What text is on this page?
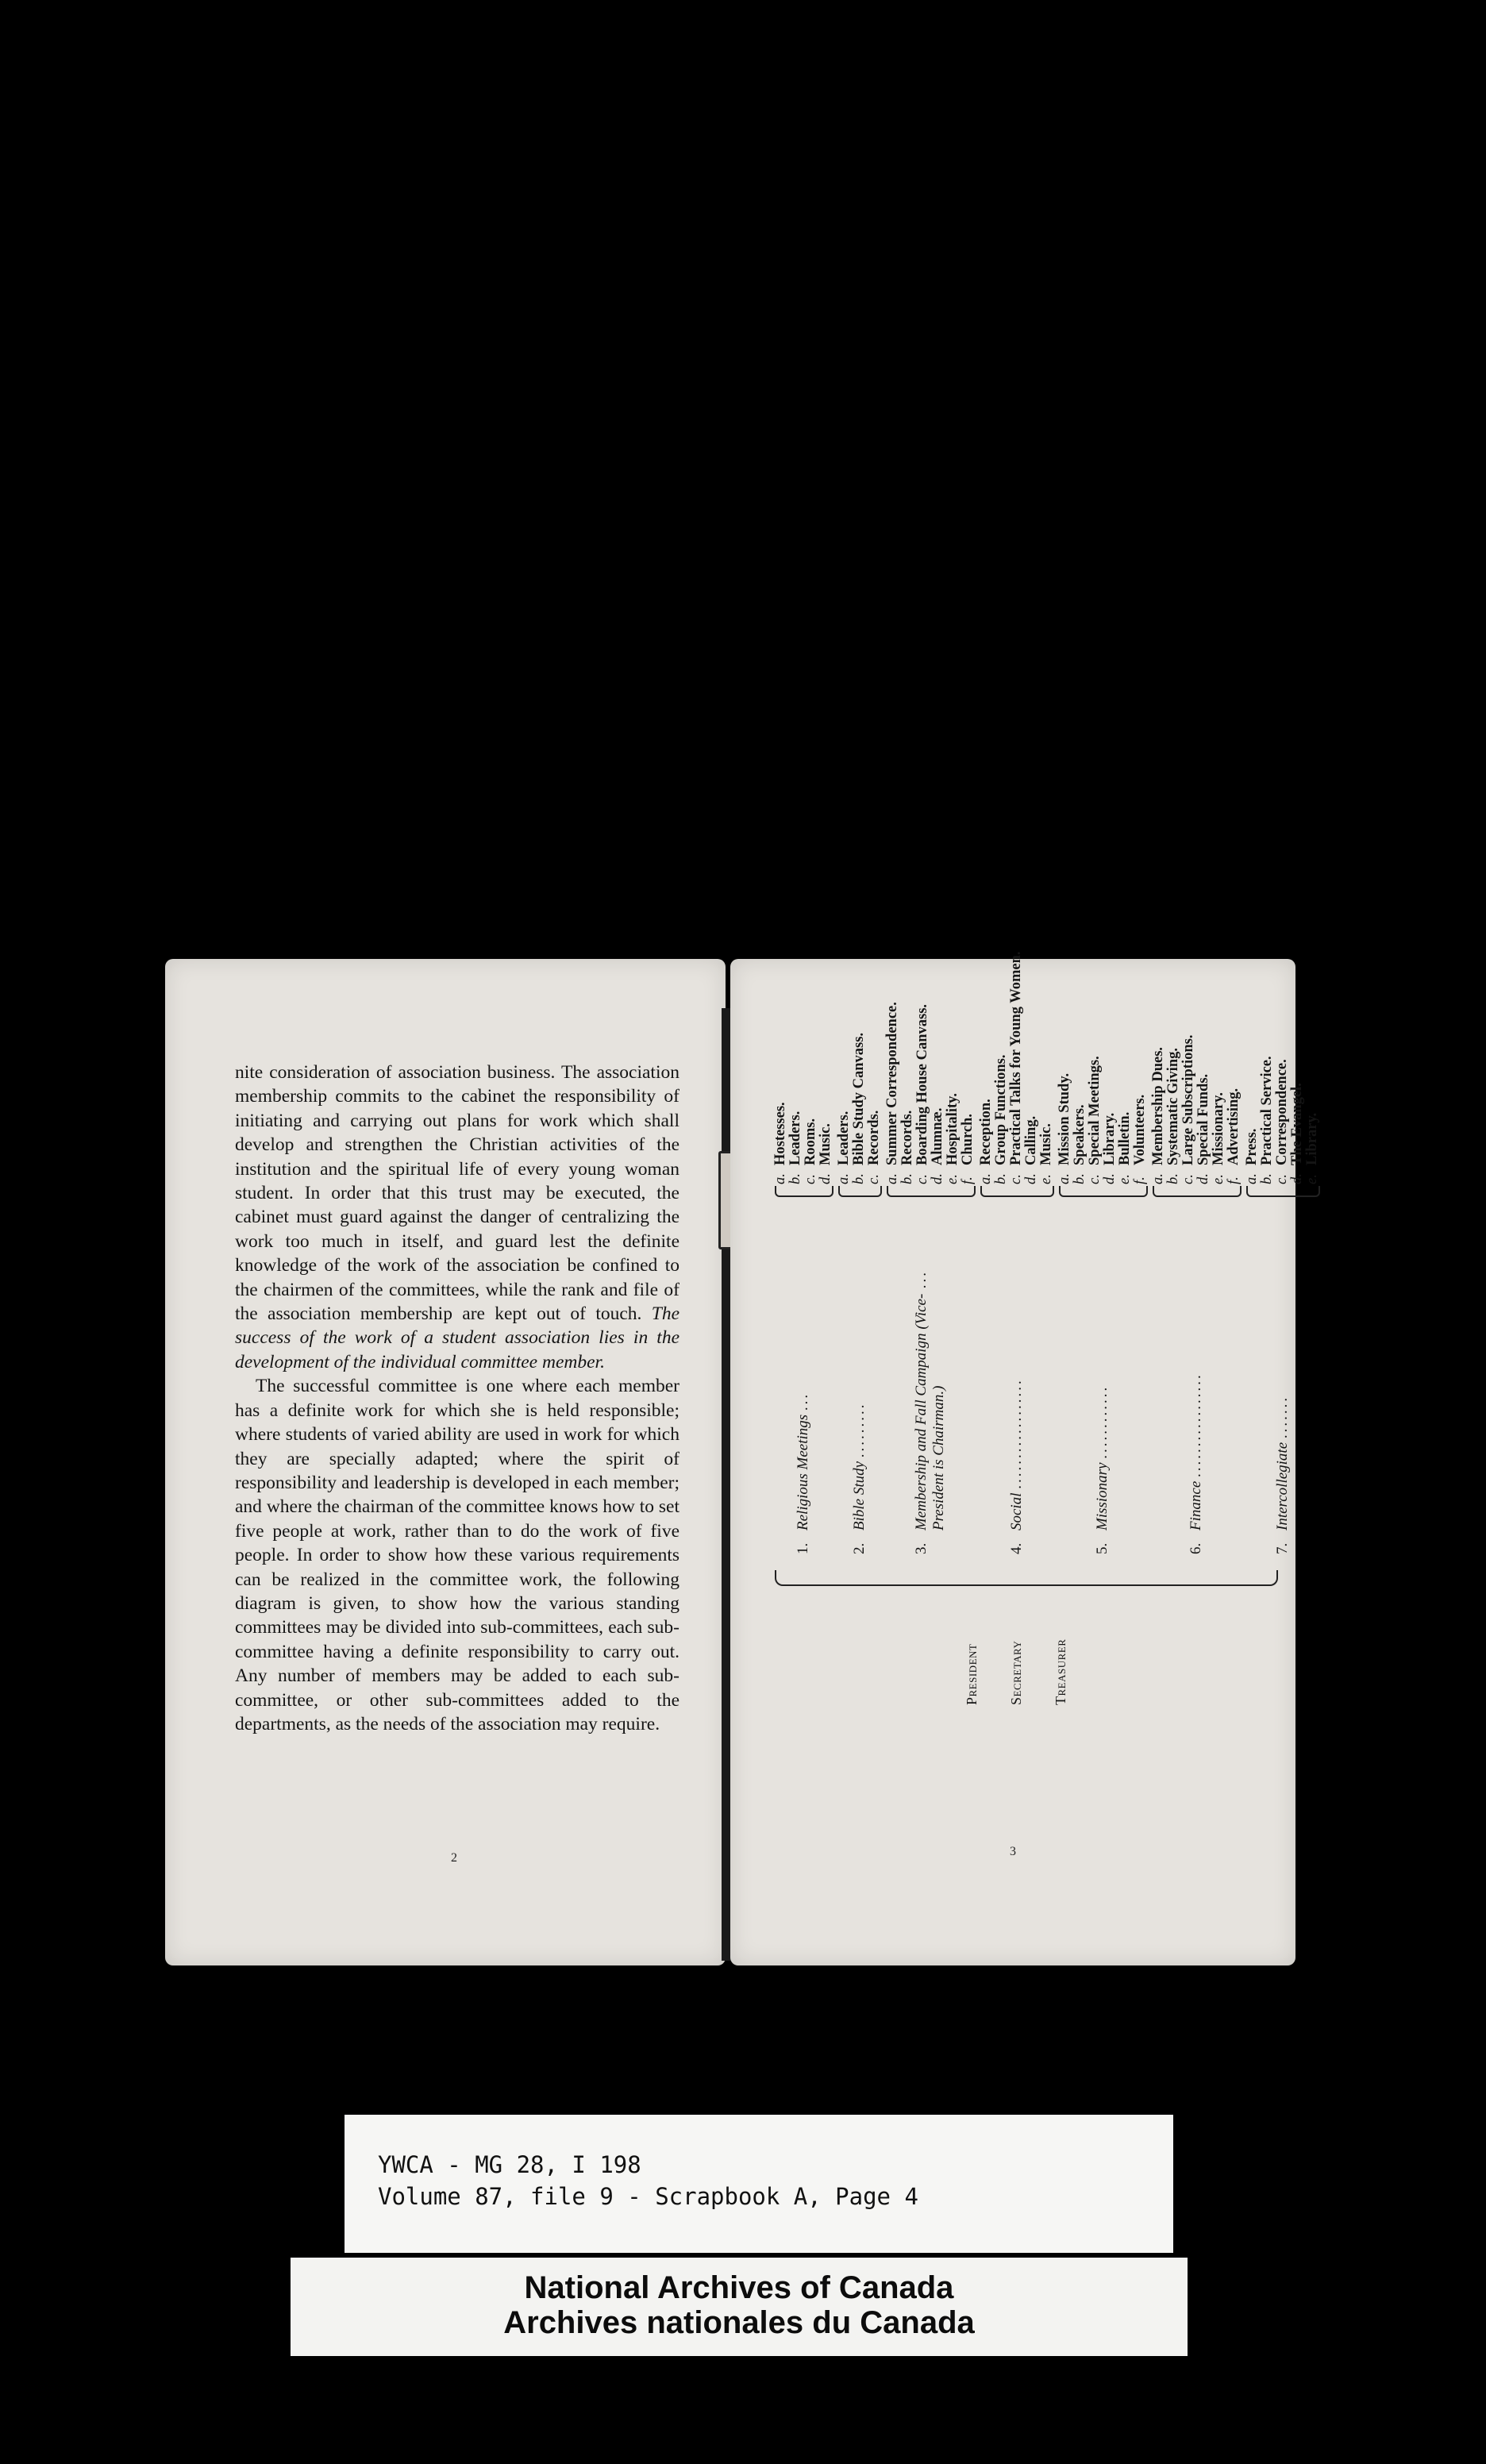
nite consideration of association business. The association membership commits to the cabinet the responsibility of initiating and carrying out plans for work which shall develop and strengthen the Christian activities of the institution and the spiritual life of every young woman student. In order that this trust may be executed, the cabinet must guard against the danger of centralizing the work too much in itself, and guard lest the definite knowledge of the work of the association be confined to the chairmen of the committees, while the rank and file of the association membership are kept out of touch. The success of the work of a student association lies in the development of the individual committee member.

The successful committee is one where each member has a definite work for which she is held responsible; where students of varied ability are used in work for which they are specially adapted; where the spirit of responsibility and leadership is developed in each member; and where the chairman of the committee knows how to set five people at work, rather than to do the work of five people. In order to show how these various requirements can be realized in the committee work, the following diagram is given, to show how the various standing committees may be divided into sub-committees, each sub-committee having a definite responsibility to carry out. Any number of members may be added to each sub-committee, or other sub-committees added to the departments, as the needs of the association may require.

2
President	Secretary	Treasurer
1.Religious Meetings ...
2.Bible Study .........
3.Membership and Fall Campaign (Vice-President is Chairman.) ...
4.Social ..................
5.Missionary ............
6.Finance .................
7.Intercollegiate .......
a.Hostesses.
b.Leaders.
c.Rooms.
d.Music.
a.Leaders.
b.Bible Study Canvass.
c.Records.
a.Summer Correspondence.
b.Records.
c.Boarding House Canvass.
d.Alumnæ.
e.Hospitality.
f.Church.
a.Reception.
b.Group Functions.
c.Practical Talks for Young Women.
d.Calling.
e.Music.
a.Mission Study.
b.Speakers.
c.Special Meetings.
d.Library.
e.Bulletin.
f.Volunteers.
a.Membership Dues.
b.Systematic Giving.
c.Large Subscriptions.
d.Special Funds.
e.Missionary.
f.Advertising.
a.Press.
b.Practical Service.
c.Correspondence.
d.The Evangel.
e.Library.
3
YWCA - MG 28, I 198
Volume 87, file 9 - Scrapbook A, Page 4
National Archives of Canada
Archives nationales du Canada
